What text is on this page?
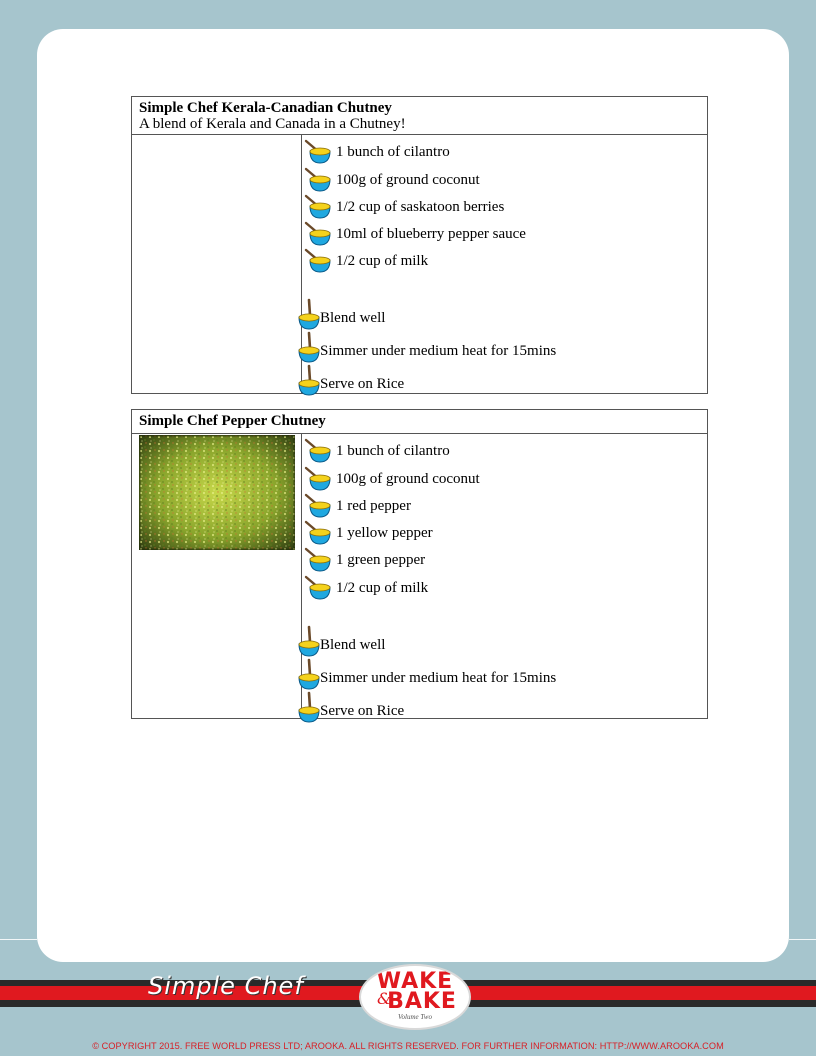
Simple Chef Kerala-Canadian Chutney
A blend of Kerala and Canada in a Chutney!
1 bunch of cilantro
100g of ground coconut
1/2 cup of saskatoon berries
10ml of blueberry pepper sauce
1/2 cup of milk
Blend well
Simmer under medium heat for 15mins
Serve on Rice
Simple Chef Pepper Chutney
1 bunch of cilantro
100g of ground coconut
1 red pepper
1 yellow pepper
1 green pepper
1/2 cup of milk
Blend well
Simmer under medium heat for 15mins
Serve on Rice
Simple Chef	WAKE
&
BAKE
Volume Two
© COPYRIGHT 2015. FREE WORLD PRESS LTD; AROOKA. ALL RIGHTS RESERVED. FOR FURTHER INFORMATION: HTTP://WWW.AROOKA.COM
